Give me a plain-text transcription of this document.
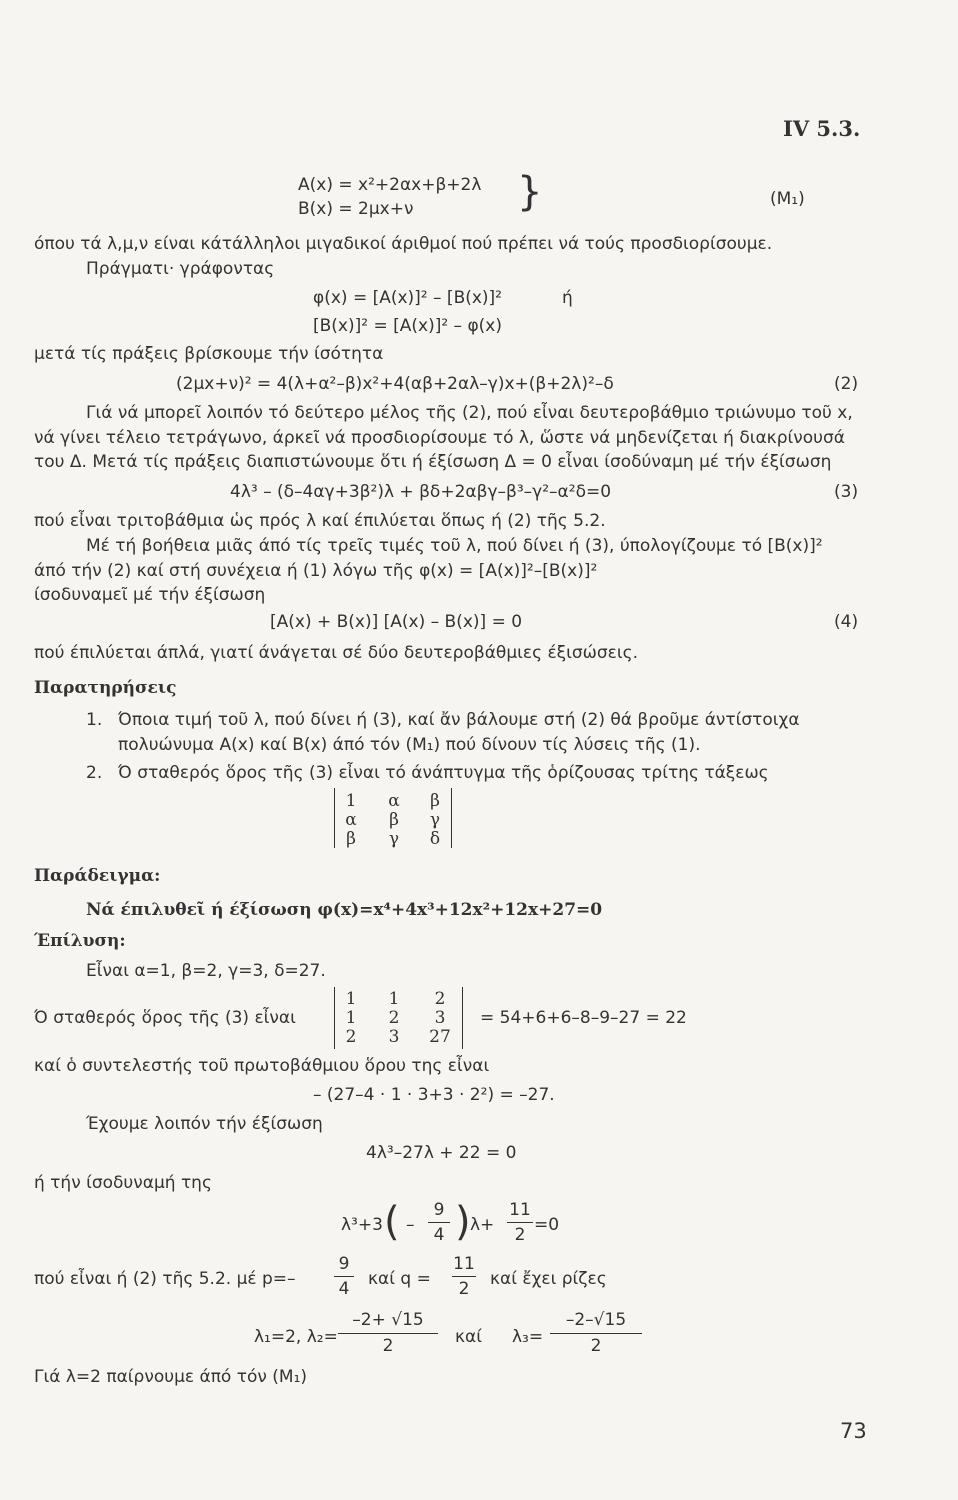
IV 5.3.
A(x) = x²+2αx+β+2λ
B(x) = 2μx+ν	}	(M₁)
όπου τά λ,μ,ν είναι κάτάλληλοι μιγαδικοί άριθμοί πού πρέπει νά τούς προσδιορίσουμε.
Πράγματι· γράφοντας
φ(x) = [A(x)]² – [B(x)]²	ή
[B(x)]² = [A(x)]² – φ(x)
μετά τίς πράξεις βρίσκουμε τήν ίσότητα
(2μx+ν)² = 4(λ+α²–β)x²+4(αβ+2αλ–γ)x+(β+2λ)²–δ	(2)
Γιά νά μπορεῖ λοιπόν τό δεύτερο μέλος τῆς (2), πού εἶναι δευτεροβάθμιο τριώνυμο τοῦ x,
νά γίνει τέλειο τετράγωνο, άρκεῖ νά προσδιορίσουμε τό λ, ὥστε νά μηδενίζεται ή διακρίνουσά
του Δ. Μετά τίς πράξεις διαπιστώνουμε ὅτι ή έξίσωση Δ = 0 εἶναι ίσοδύναμη μέ τήν έξίσωση
4λ³ – (δ–4αγ+3β²)λ + βδ+2αβγ–β³–γ²–α²δ=0	(3)
πού εἶναι τριτοβάθμια ὡς πρός λ καί έπιλύεται ὅπως ή (2) τῆς 5.2.
Μέ τή βοήθεια μιᾶς άπό τίς τρεῖς τιμές τοῦ λ, πού δίνει ή (3), ύπολογίζουμε τό [B(x)]²
άπό τήν (2) καί στή συνέχεια ή (1) λόγω τῆς φ(x) = [A(x)]²–[B(x)]²
ίσοδυναμεῖ μέ τήν έξίσωση
[A(x) + B(x)] [A(x) – B(x)] = 0	(4)
πού έπιλύεται άπλά, γιατί άνάγεται σέ δύο δευτεροβάθμιες έξισώσεις.
Παρατηρήσεις
1. Όποια τιμή τοῦ λ, πού δίνει ή (3), καί ἄν βάλουμε στή (2) θά βροῦμε άντίστοιχα
πολυώνυμα A(x) καί B(x) άπό τόν (M₁) πού δίνουν τίς λύσεις τῆς (1).
2. Ό σταθερός ὅρος τῆς (3) εἶναι τό άνάπτυγμα τῆς ὁρίζουσας τρίτης τάξεως
1	α	β
α	β	γ
β	γ	δ
Παράδειγμα:
Νά έπιλυθεῖ ή έξίσωση φ(x)=x⁴+4x³+12x²+12x+27=0
Έπίλυση:
Εἶναι α=1, β=2, γ=3, δ=27.
Ό σταθερός ὅρος τῆς (3) εἶναι
1	1	2
1	2	3
2	3	27
= 54+6+6–8–9–27 = 22
καί ὁ συντελεστής τοῦ πρωτοβάθμιου ὅρου της εἶναι
– (27–4 · 1 · 3+3 · 2²) = –27.
Έχουμε λοιπόν τήν έξίσωση
4λ³–27λ + 22 = 0
ή τήν ίσοδυναμή της
λ³+3 ( –
9
4 ) λ+
11
2 =0
πού εἶναι ή (2) τῆς 5.2. μέ p=–
9
4 καί q =
11
2	καί ἔχει ρίζες
λ₁=2, λ₂=
–2+ √15
2	καί λ₃=
–2–√15
2
Γιά λ=2 παίρνουμε άπό τόν (M₁)
73
